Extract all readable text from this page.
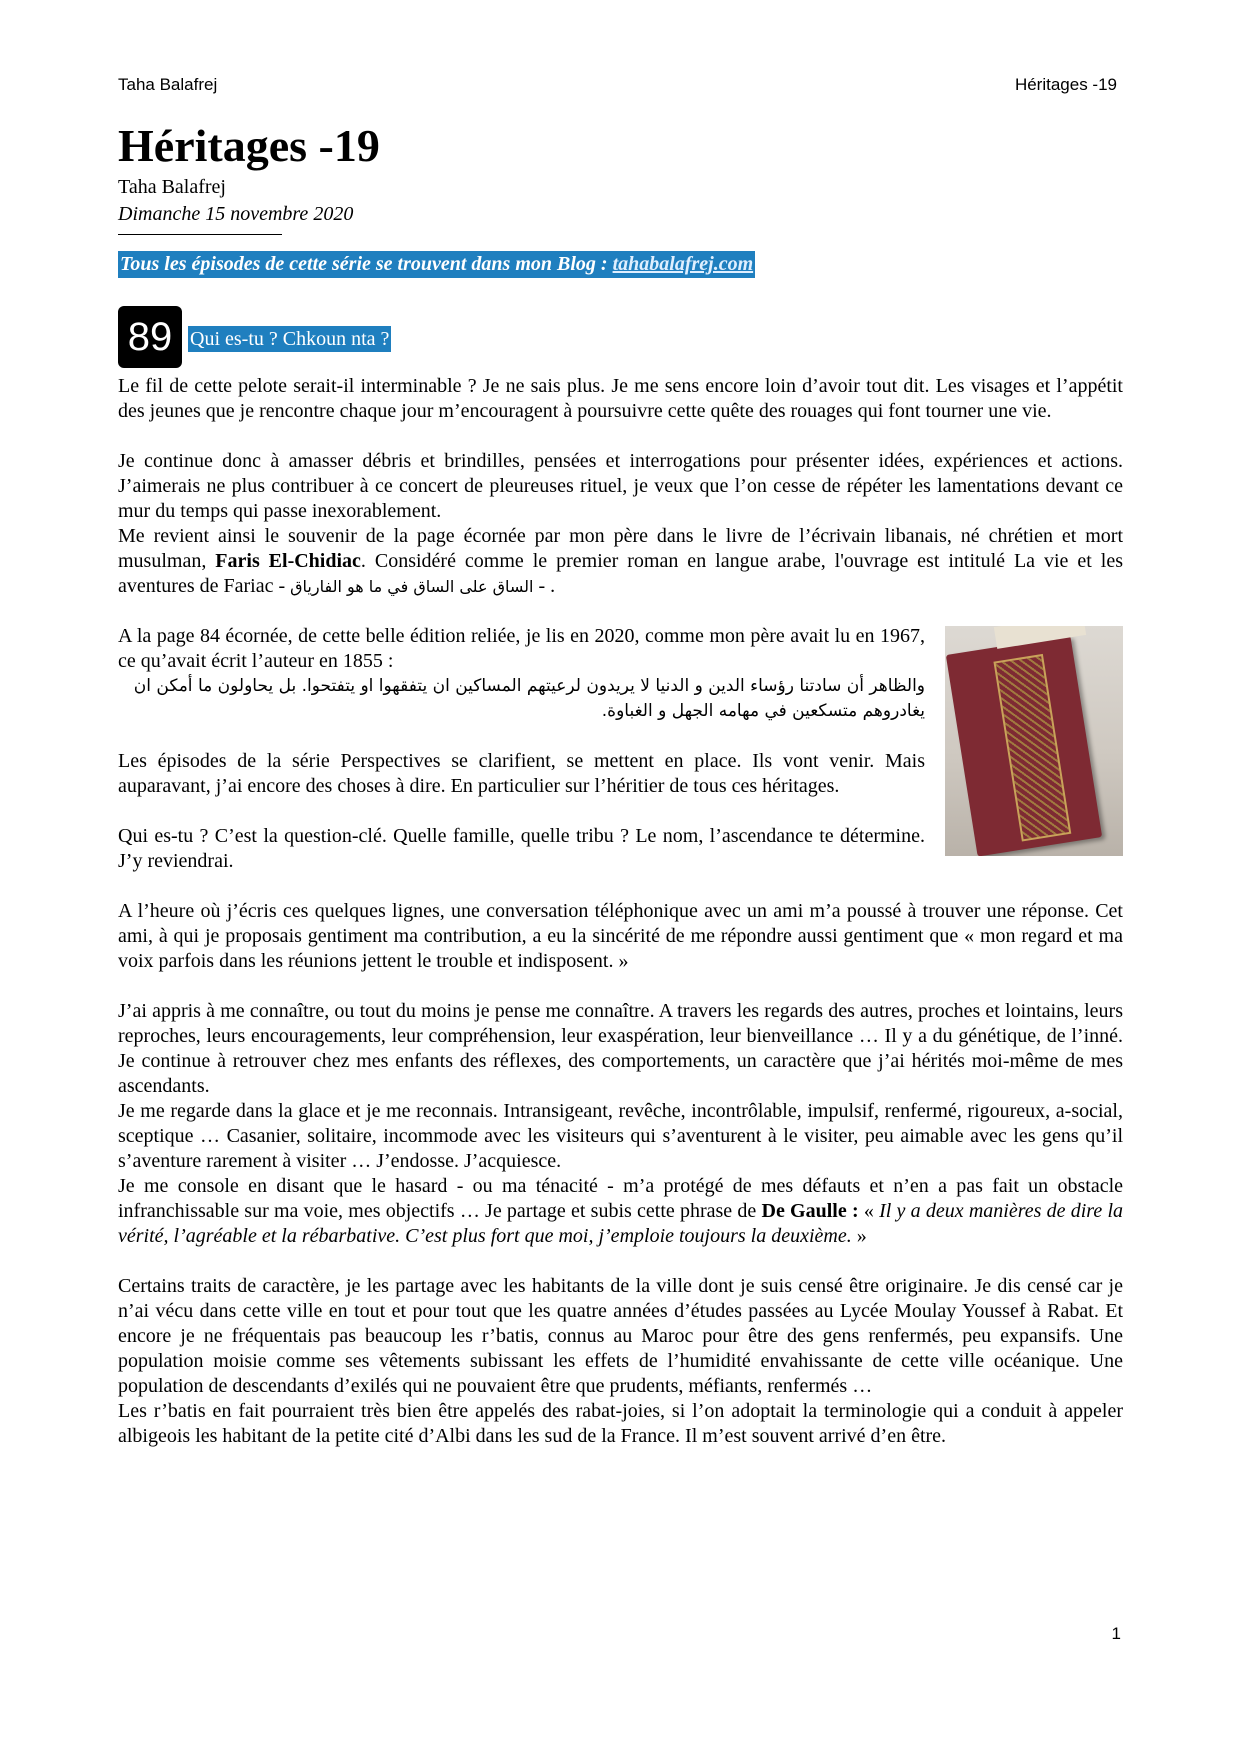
Taha Balafrej	Héritages -19
Héritages -19
Taha Balafrej
Dimanche 15 novembre 2020
Tous les épisodes de cette série se trouvent dans mon Blog : tahabalafrej.com
89 Qui es-tu ? Chkoun nta ?

Le fil de cette pelote serait-il interminable ? Je ne sais plus. Je me sens encore loin d’avoir tout dit. Les visages et l’appétit des jeunes que je rencontre chaque jour m’encouragent à poursuivre cette quête des rouages qui font tourner une vie.

Je continue donc à amasser débris et brindilles, pensées et interrogations pour présenter idées, expériences et actions. J’aimerais ne plus contribuer à ce concert de pleureuses rituel, je veux que l’on cesse de répéter les lamentations devant ce mur du temps qui passe inexorablement.

Me revient ainsi le souvenir de la page écornée par mon père dans le livre de l’écrivain libanais, né chrétien et mort musulman, Faris El-Chidiac. Considéré comme le premier roman en langue arabe, l'ouvrage est intitulé La vie et les aventures de Fariac - الساق على الساق في ما هو الفارياق - .

A la page 84 écornée, de cette belle édition reliée, je lis en 2020, comme mon père avait lu en 1967, ce qu’avait écrit l’auteur en 1855 :

والظاهر أن سادتنا رؤساء الدين و الدنيا لا يريدون لرعيتهم المساكين ان يتفقهوا او يتفتحوا. بل يحاولون ما أمكن ان يغادروهم متسكعين في مهامه الجهل و الغباوة.

Les épisodes de la série Perspectives se clarifient, se mettent en place. Ils vont venir. Mais auparavant, j’ai encore des choses à dire. En particulier sur l’héritier de tous ces héritages.

Qui es-tu ? C’est la question-clé. Quelle famille, quelle tribu ? Le nom, l’ascendance te détermine. J’y reviendrai.

A l’heure où j’écris ces quelques lignes, une conversation téléphonique avec un ami m’a poussé à trouver une réponse. Cet ami, à qui je proposais gentiment ma contribution, a eu la sincérité de me répondre aussi gentiment que « mon regard et ma voix parfois dans les réunions jettent le trouble et indisposent. »

J’ai appris à me connaître, ou tout du moins je pense me connaître. A travers les regards des autres, proches et lointains, leurs reproches, leurs encouragements, leur compréhension, leur exaspération, leur bienveillance … Il y a du génétique, de l’inné. Je continue à retrouver chez mes enfants des réflexes, des comportements, un caractère que j’ai hérités moi-même de mes ascendants.

Je me regarde dans la glace et je me reconnais. Intransigeant, revêche, incontrôlable, impulsif, renfermé, rigoureux, a-social, sceptique … Casanier, solitaire, incommode avec les visiteurs qui s’aventurent à le visiter, peu aimable avec les gens qu’il s’aventure rarement à visiter … J’endosse. J’acquiesce.

Je me console en disant que le hasard - ou ma ténacité - m’a protégé de mes défauts et n’en a pas fait un obstacle infranchissable sur ma voie, mes objectifs … Je partage et subis cette phrase de De Gaulle : « Il y a deux manières de dire la vérité, l’agréable et la rébarbative. C’est plus fort que moi, j’emploie toujours la deuxième. »

Certains traits de caractère, je les partage avec les habitants de la ville dont je suis censé être originaire. Je dis censé car je n’ai vécu dans cette ville en tout et pour tout que les quatre années d’études passées au Lycée Moulay Youssef à Rabat. Et encore je ne fréquentais pas beaucoup les r’batis, connus au Maroc pour être des gens renfermés, peu expansifs. Une population moisie comme ses vêtements subissant les effets de l’humidité envahissante de cette ville océanique. Une population de descendants d’exilés qui ne pouvaient être que prudents, méfiants, renfermés …

Les r’batis en fait pourraient très bien être appelés des rabat-joies, si l’on adoptait la terminologie qui a conduit à appeler albigeois les habitant de la petite cité d’Albi dans les sud de la France. Il m’est souvent arrivé d’en être.

1
